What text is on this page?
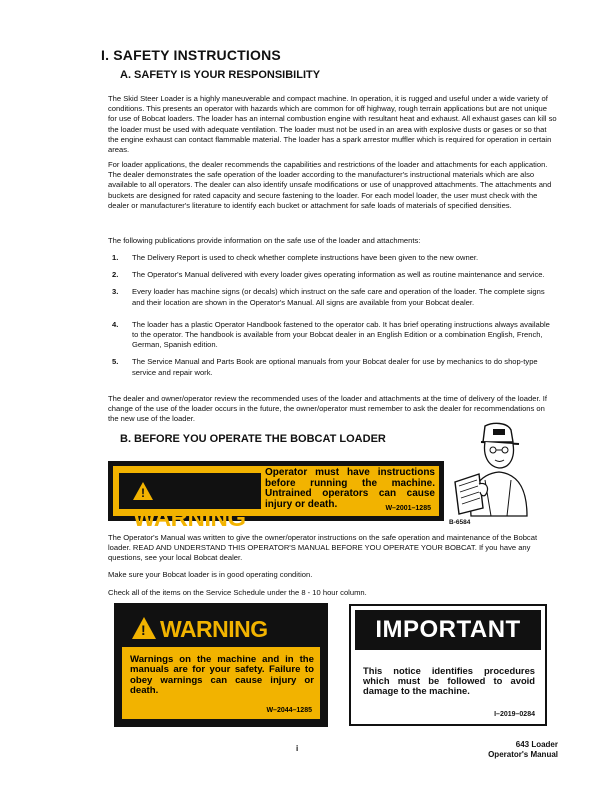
I. SAFETY INSTRUCTIONS
A. SAFETY IS YOUR RESPONSIBILITY

The Skid Steer Loader is a highly maneuverable and compact machine. In operation, it is rugged and useful under a wide variety of conditions. This presents an operator with hazards which are common for off highway, rough terrain applications but are not unique for use of Bobcat loaders. The loader has an internal combustion engine with resultant heat and exhaust. All exhaust gases can kill so the loader must be used with adequate ventilation. The loader must not be used in an area with explosive dusts or gases or so that the engine exhaust can contact flammable material. The loader has a spark arrestor muffler which is required for operation in certain areas.

For loader applications, the dealer recommends the capabilities and restrictions of the loader and attachments for each application. The dealer demonstrates the safe operation of the loader according to the manufacturer's instructional materials which are also available to all operators. The dealer can also identify unsafe modifications or use of unapproved attachments. The attachments and buckets are designed for rated capacity and secure fastening to the loader. For each model loader, the user must check with the dealer or manufacturer's literature to identify each bucket or attachment for safe loads of materials of specified densities.

The following publications provide information on the safe use of the loader and attachments:

1. The Delivery Report is used to check whether complete instructions have been given to the new owner.
2. The Operator's Manual delivered with every loader gives operating information as well as routine maintenance and service.
3. Every loader has machine signs (or decals) which instruct on the safe care and operation of the loader. The complete signs and their location are shown in the Operator's Manual. All signs are available from your Bobcat dealer.
4. The loader has a plastic Operator Handbook fastened to the operator cab. It has brief operating instructions always available to the operator. The handbook is available from your Bobcat dealer in an English Edition or a combination English, French, German, Spanish edition.
5. The Service Manual and Parts Book are optional manuals from your Bobcat dealer for use by mechanics to do shop-type service and repair work.

The dealer and owner/operator review the recommended uses of the loader and attachments at the time of delivery of the loader. If change of the use of the loader occurs in the future, the owner/operator must remember to ask the dealer for recommendations on the new use of the loader.

B. BEFORE YOU OPERATE THE BOBCAT LOADER
!
WARNING
Operator must have instructions before running the machine. Untrained operators can cause injury or death.	W–2001–1285
B-6584

The Operator's Manual was written to give the owner/operator instructions on the safe operation and maintenance of the Bobcat loader. READ AND UNDERSTAND THIS OPERATOR'S MANUAL BEFORE YOU OPERATE YOUR BOBCAT. If you have any questions, see your local Bobcat dealer.

Make sure your Bobcat loader is in good operating condition.

Check all of the items on the Service Schedule under the 8 - 10 hour column.

! WARNING
Warnings on the machine and in the manuals are for your safety. Failure to obey warnings can cause injury or death.
W–2044–1285
IMPORTANT
This notice identifies procedures which must be followed to avoid damage to the machine.
I–2019–0284
i	643 Loader
Operator's Manual
